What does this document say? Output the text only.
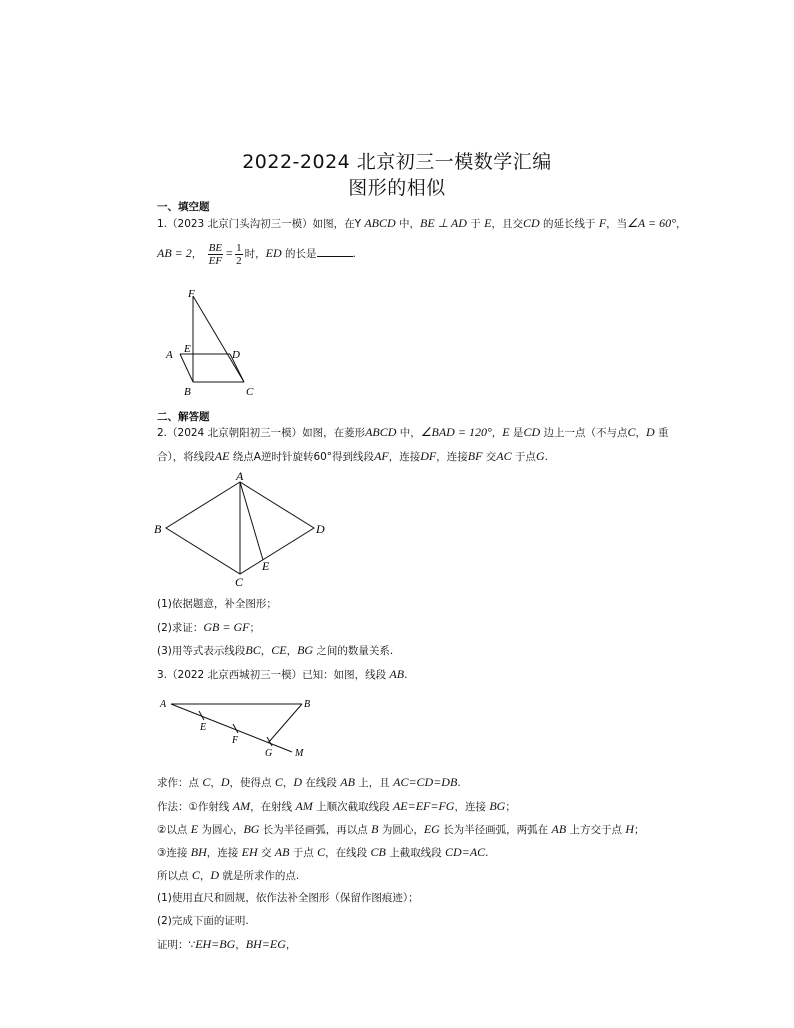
2022-2024 北京初三一模数学汇编
图形的相似
一、填空题
1.（2023 北京门头沟初三一模）如图，在Y ABCD 中，BE ⊥ AD 于 E，且交CD 的延长线于 F，当∠A = 60°，
AB = 2， $\frac{BE}{EF} = \frac{1}{2}$ 时，ED 的长是	.
F
E
A	D
B	C
二、解答题
2.（2024 北京朝阳初三一模）如图，在菱形ABCD 中，∠BAD = 120°，E 是CD 边上一点（不与点C，D 重
合），将线段AE 绕点A逆时针旋转60°得到线段AF，连接DF，连接BF 交AC 于点G.
A
B	D
C
E
(1)依据题意，补全图形；
(2)求证：GB = GF；
(3)用等式表示线段BC，CE，BG 之间的数量关系.
3.（2022 北京西城初三一模）已知：如图，线段 AB.
A	B
E
F
G M
求作：点 C，D，使得点 C，D 在线段 AB 上，且 AC=CD=DB.
作法：①作射线 AM，在射线 AM 上顺次截取线段 AE=EF=FG，连接 BG；
②以点 E 为圆心，BG 长为半径画弧，再以点 B 为圆心，EG 长为半径画弧，两弧在 AB 上方交于点 H；
③连接 BH，连接 EH 交 AB 于点 C，在线段 CB 上截取线段 CD=AC.
所以点 C，D 就是所求作的点.
(1)使用直尺和圆规，依作法补全图形（保留作图痕迹）；
(2)完成下面的证明.
证明：∵EH=BG，BH=EG，
